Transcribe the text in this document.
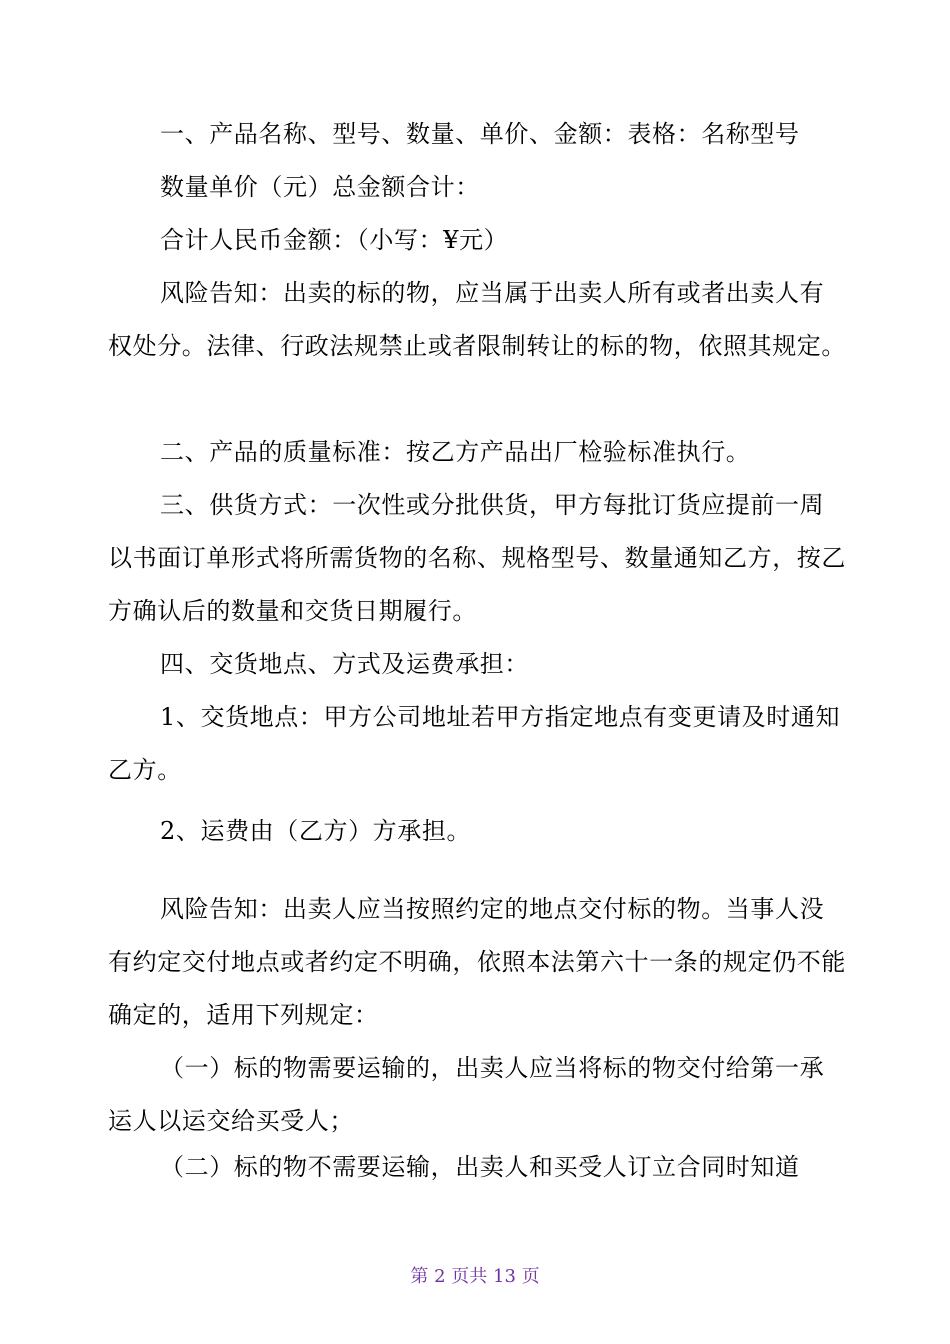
一、产品名称、型号、数量、单价、金额：表格：名称型号

数量单价（元）总金额合计：

合计人民币金额：（小写：¥元）

风险告知：出卖的标的物，应当属于出卖人所有或者出卖人有权处分。法律、行政法规禁止或者限制转让的标的物，依照其规定。

二、产品的质量标准：按乙方产品出厂检验标准执行。

三、供货方式：一次性或分批供货，甲方每批订货应提前一周以书面订单形式将所需货物的名称、规格型号、数量通知乙方，按乙方确认后的数量和交货日期履行。

四、交货地点、方式及运费承担：

1、交货地点：甲方公司地址若甲方指定地点有变更请及时通知乙方。

2、运费由（乙方）方承担。

风险告知：出卖人应当按照约定的地点交付标的物。当事人没有约定交付地点或者约定不明确，依照本法第六十一条的规定仍不能确定的，适用下列规定：

（一）标的物需要运输的，出卖人应当将标的物交付给第一承运人以运交给买受人；

（二）标的物不需要运输，出卖人和买受人订立合同时知道

第 2 页共 13 页
